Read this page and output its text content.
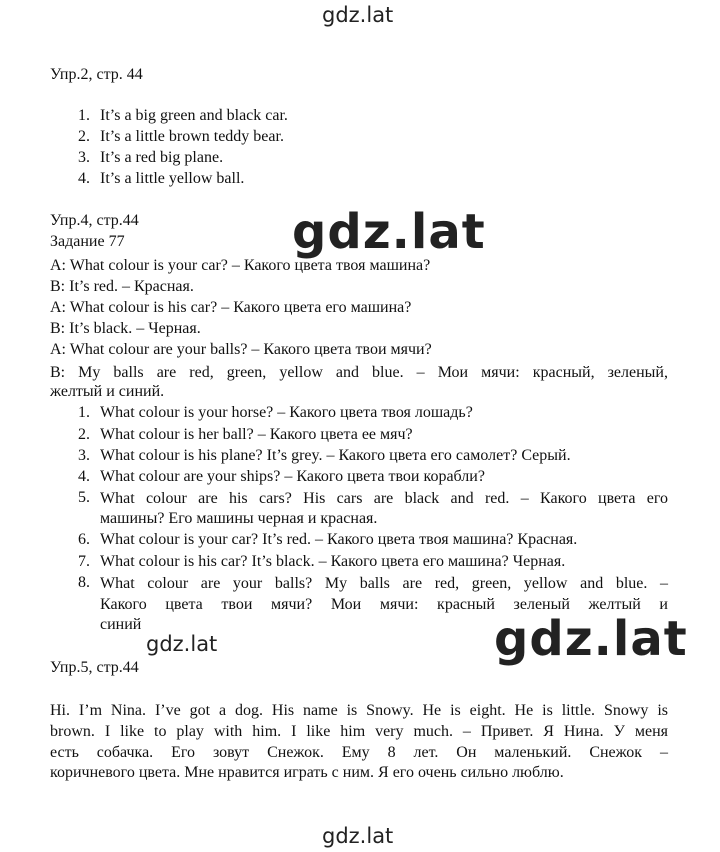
gdz.lat
Упр.2, стр. 44
1. It’s a big green and black car.
2. It’s a little brown teddy bear.
3. It’s a red big plane.
4. It’s a little yellow ball.
gdz.lat
Упр.4, стр.44
Задание 77
A: What colour is your car? – Какого цвета твоя машина?
B: It’s red. – Красная.
A: What colour is his car? – Какого цвета его машина?
B: It’s black. – Черная.
A: What colour are your balls? – Какого цвета твои мячи?
B: My balls are red, green, yellow and blue. – Мои мячи: красный, зеленый,
желтый и синий.
1. What colour is your horse? – Какого цвета твоя лошадь?
2. What colour is her ball? – Какого цвета ее мяч?
3. What colour is his plane? It’s grey. – Какого цвета его самолет? Серый.
4. What colour are your ships? – Какого цвета твои корабли?
5. What colour are his cars? His cars are black and red. – Какого цвета его
машины? Его машины черная и красная.
6. What colour is your car? It’s red. – Какого цвета твоя машина? Красная.
7. What colour is his car? It’s black. – Какого цвета его машина? Черная.
8. What colour are your balls? My balls are red, green, yellow and blue. –
Какого цвета твои мячи? Мои мячи: красный зеленый желтый и
синий
gdz.lat	gdz.lat
Упр.5, стр.44
Hi. I’m Nina. I’ve got a dog. His name is Snowy. He is eight. He is little. Snowy is
brown. I like to play with him. I like him very much. – Привет. Я Нина. У меня
есть собачка. Его зовут Снежок. Ему 8 лет. Он маленький. Снежок –
коричневого цвета. Мне нравится играть с ним. Я его очень сильно люблю.
gdz.lat
